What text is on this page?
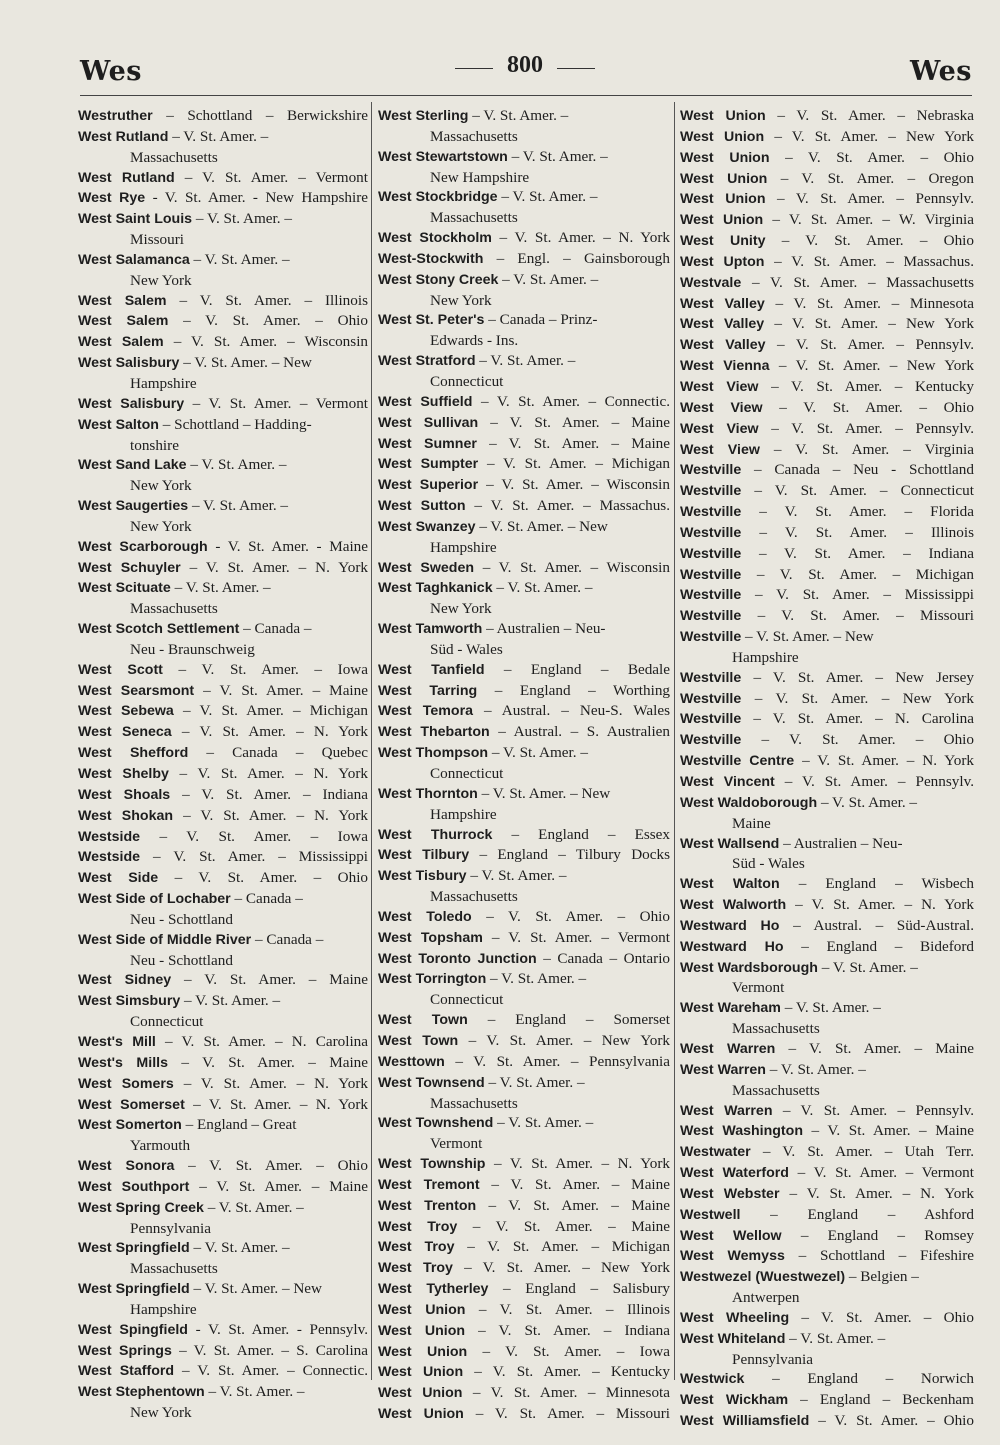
Wes	800	Wes
Westruther – Schottland – Berwickshire
West Rutland – V. St. Amer. –
Massachusetts
West Rutland – V. St. Amer. – Vermont
West Rye - V. St. Amer. - New Hampshire
West Saint Louis – V. St. Amer. –
Missouri
West Salamanca – V. St. Amer. –
New York
West Salem – V. St. Amer. – Illinois
West Salem – V. St. Amer. – Ohio
West Salem – V. St. Amer. – Wisconsin
West Salisbury – V. St. Amer. – New
Hampshire
West Salisbury – V. St. Amer. – Vermont
West Salton – Schottland – Hadding-
tonshire
West Sand Lake – V. St. Amer. –
New York
West Saugerties – V. St. Amer. –
New York
West Scarborough - V. St. Amer. - Maine
West Schuyler – V. St. Amer. – N. York
West Scituate – V. St. Amer. –
Massachusetts
West Scotch Settlement – Canada –
Neu - Braunschweig
West Scott – V. St. Amer. – Iowa
West Searsmont – V. St. Amer. – Maine
West Sebewa – V. St. Amer. – Michigan
West Seneca – V. St. Amer. – N. York
West Shefford – Canada – Quebec
West Shelby – V. St. Amer. – N. York
West Shoals – V. St. Amer. – Indiana
West Shokan – V. St. Amer. – N. York
Westside – V. St. Amer. – Iowa
Westside – V. St. Amer. – Mississippi
West Side – V. St. Amer. – Ohio
West Side of Lochaber – Canada –
Neu - Schottland
West Side of Middle River – Canada –
Neu - Schottland
West Sidney – V. St. Amer. – Maine
West Simsbury – V. St. Amer. –
Connecticut
West's Mill – V. St. Amer. – N. Carolina
West's Mills – V. St. Amer. – Maine
West Somers – V. St. Amer. – N. York
West Somerset – V. St. Amer. – N. York
West Somerton – England – Great
Yarmouth
West Sonora – V. St. Amer. – Ohio
West Southport – V. St. Amer. – Maine
West Spring Creek – V. St. Amer. –
Pennsylvania
West Springfield – V. St. Amer. –
Massachusetts
West Springfield – V. St. Amer. – New
Hampshire
West Spingfield - V. St. Amer. - Pennsylv.
West Springs – V. St. Amer. – S. Carolina
West Stafford – V. St. Amer. – Connectic.
West Stephentown – V. St. Amer. –
New York
West Sterling – V. St. Amer. –
Massachusetts
West Stewartstown – V. St. Amer. –
New Hampshire
West Stockbridge – V. St. Amer. –
Massachusetts
West Stockholm – V. St. Amer. – N. York
West-Stockwith – Engl. – Gainsborough
West Stony Creek – V. St. Amer. –
New York
West St. Peter's – Canada – Prinz-
Edwards - Ins.
West Stratford – V. St. Amer. –
Connecticut
West Suffield – V. St. Amer. – Connectic.
West Sullivan – V. St. Amer. – Maine
West Sumner – V. St. Amer. – Maine
West Sumpter – V. St. Amer. – Michigan
West Superior – V. St. Amer. – Wisconsin
West Sutton – V. St. Amer. – Massachus.
West Swanzey – V. St. Amer. – New
Hampshire
West Sweden – V. St. Amer. – Wisconsin
West Taghkanick – V. St. Amer. –
New York
West Tamworth – Australien – Neu-
Süd - Wales
West Tanfield – England – Bedale
West Tarring – England – Worthing
West Temora – Austral. – Neu-S. Wales
West Thebarton – Austral. – S. Australien
West Thompson – V. St. Amer. –
Connecticut
West Thornton – V. St. Amer. – New
Hampshire
West Thurrock – England – Essex
West Tilbury – England – Tilbury Docks
West Tisbury – V. St. Amer. –
Massachusetts
West Toledo – V. St. Amer. – Ohio
West Topsham – V. St. Amer. – Vermont
West Toronto Junction – Canada – Ontario
West Torrington – V. St. Amer. –
Connecticut
West Town – England – Somerset
West Town – V. St. Amer. – New York
Westtown – V. St. Amer. – Pennsylvania
West Townsend – V. St. Amer. –
Massachusetts
West Townshend – V. St. Amer. –
Vermont
West Township – V. St. Amer. – N. York
West Tremont – V. St. Amer. – Maine
West Trenton – V. St. Amer. – Maine
West Troy – V. St. Amer. – Maine
West Troy – V. St. Amer. – Michigan
West Troy – V. St. Amer. – New York
West Tytherley – England – Salisbury
West Union – V. St. Amer. – Illinois
West Union – V. St. Amer. – Indiana
West Union – V. St. Amer. – Iowa
West Union – V. St. Amer. – Kentucky
West Union – V. St. Amer. – Minnesota
West Union – V. St. Amer. – Missouri
West Union – V. St. Amer. – Nebraska
West Union – V. St. Amer. – New York
West Union – V. St. Amer. – Ohio
West Union – V. St. Amer. – Oregon
West Union – V. St. Amer. – Pennsylv.
West Union – V. St. Amer. – W. Virginia
West Unity – V. St. Amer. – Ohio
West Upton – V. St. Amer. – Massachus.
Westvale – V. St. Amer. – Massachusetts
West Valley – V. St. Amer. – Minnesota
West Valley – V. St. Amer. – New York
West Valley – V. St. Amer. – Pennsylv.
West Vienna – V. St. Amer. – New York
West View – V. St. Amer. – Kentucky
West View – V. St. Amer. – Ohio
West View – V. St. Amer. – Pennsylv.
West View – V. St. Amer. – Virginia
Westville – Canada – Neu - Schottland
Westville – V. St. Amer. – Connecticut
Westville – V. St. Amer. – Florida
Westville – V. St. Amer. – Illinois
Westville – V. St. Amer. – Indiana
Westville – V. St. Amer. – Michigan
Westville – V. St. Amer. – Mississippi
Westville – V. St. Amer. – Missouri
Westville – V. St. Amer. – New
Hampshire
Westville – V. St. Amer. – New Jersey
Westville – V. St. Amer. – New York
Westville – V. St. Amer. – N. Carolina
Westville – V. St. Amer. – Ohio
Westville Centre – V. St. Amer. – N. York
West Vincent – V. St. Amer. – Pennsylv.
West Waldoborough – V. St. Amer. –
Maine
West Wallsend – Australien – Neu-
Süd - Wales
West Walton – England – Wisbech
West Walworth – V. St. Amer. – N. York
Westward Ho – Austral. – Süd-Austral.
Westward Ho – England – Bideford
West Wardsborough – V. St. Amer. –
Vermont
West Wareham – V. St. Amer. –
Massachusetts
West Warren – V. St. Amer. – Maine
West Warren – V. St. Amer. –
Massachusetts
West Warren – V. St. Amer. – Pennsylv.
West Washington – V. St. Amer. – Maine
Westwater – V. St. Amer. – Utah Terr.
West Waterford – V. St. Amer. – Vermont
West Webster – V. St. Amer. – N. York
Westwell – England – Ashford
West Wellow – England – Romsey
West Wemyss – Schottland – Fifeshire
Westwezel (Wuestwezel) – Belgien –
Antwerpen
West Wheeling – V. St. Amer. – Ohio
West Whiteland – V. St. Amer. –
Pennsylvania
Westwick – England – Norwich
West Wickham – England – Beckenham
West Williamsfield – V. St. Amer. – Ohio
